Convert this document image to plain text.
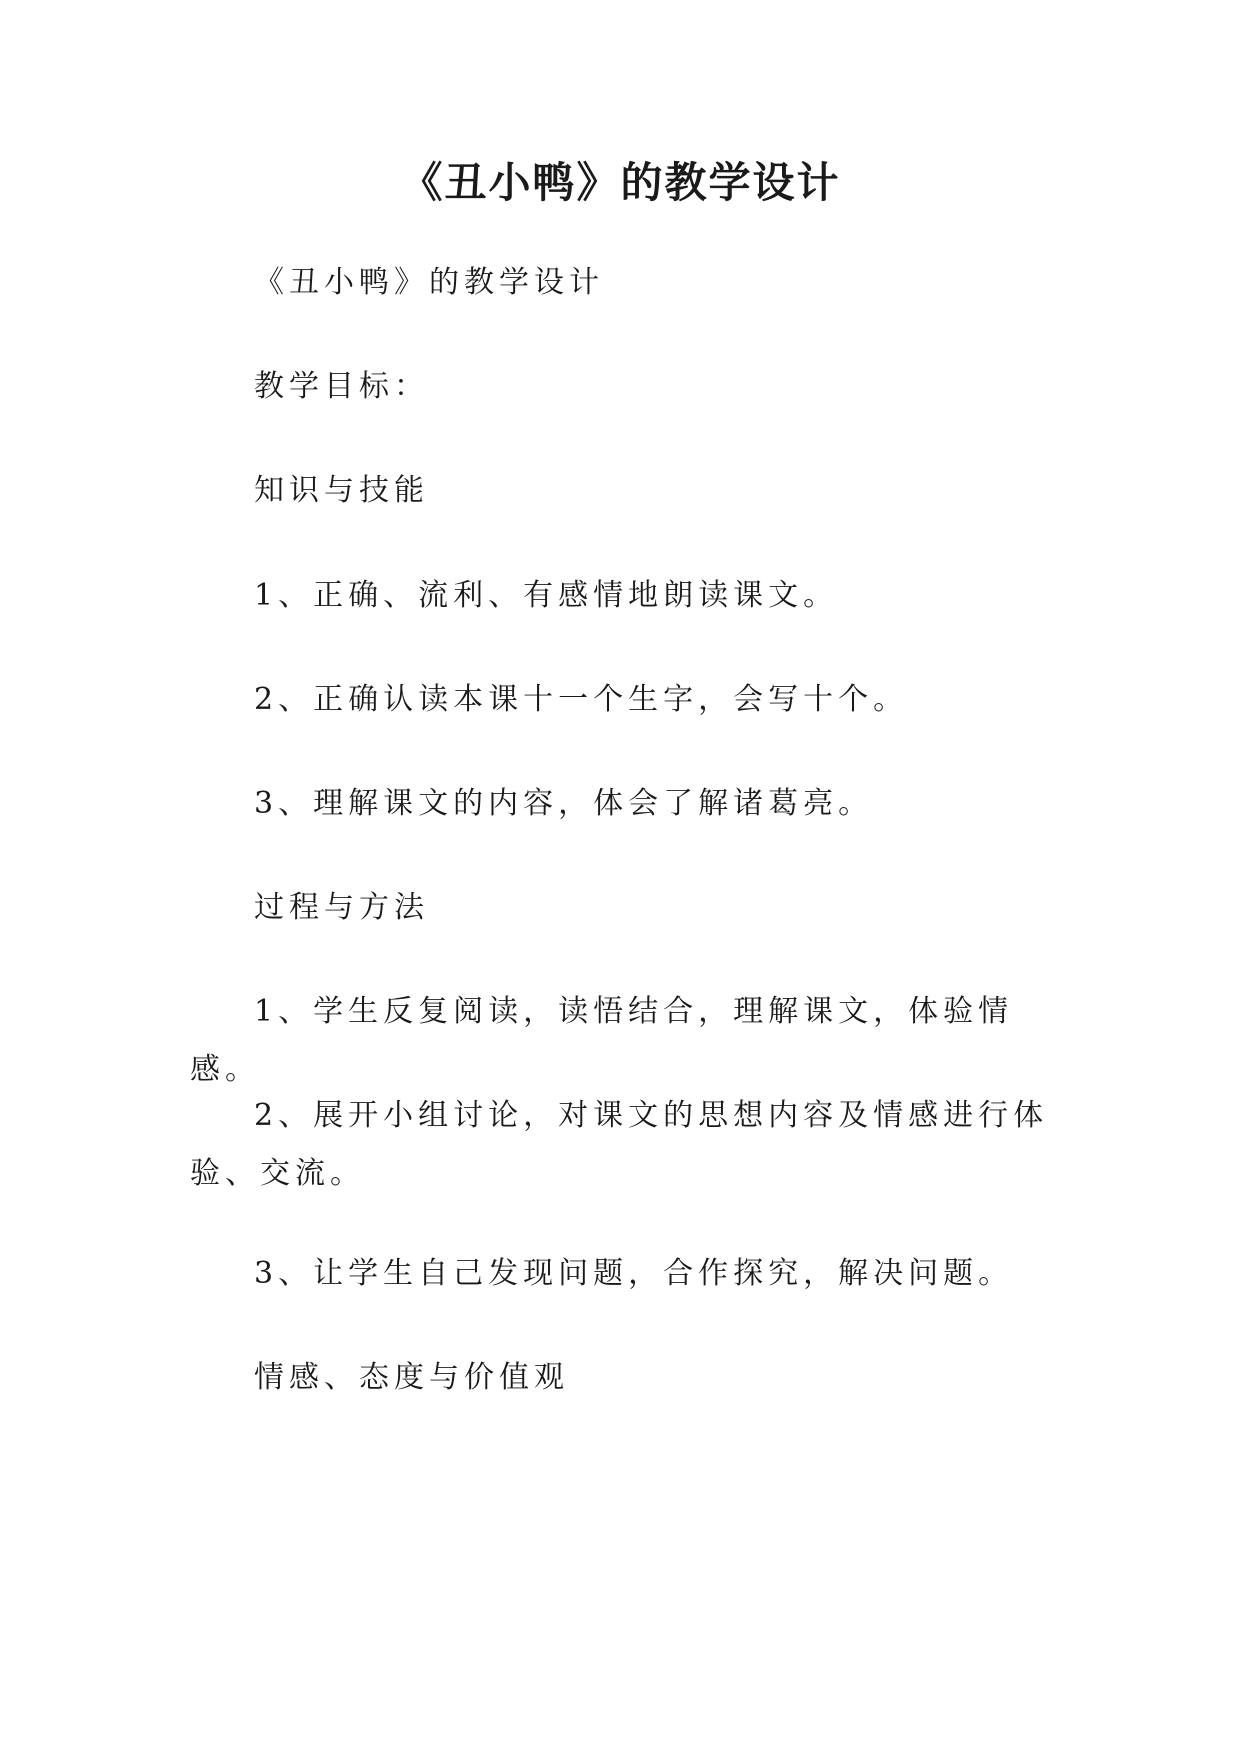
《丑小鸭》的教学设计

《丑小鸭》的教学设计

教学目标：

知识与技能

1、正确、流利、有感情地朗读课文。

2、正确认读本课十一个生字，会写十个。

3、理解课文的内容，体会了解诸葛亮。

过程与方法

1、学生反复阅读，读悟结合，理解课文，体验情感。

2、展开小组讨论，对课文的思想内容及情感进行体验、交流。

3、让学生自己发现问题，合作探究，解决问题。

情感、态度与价值观
